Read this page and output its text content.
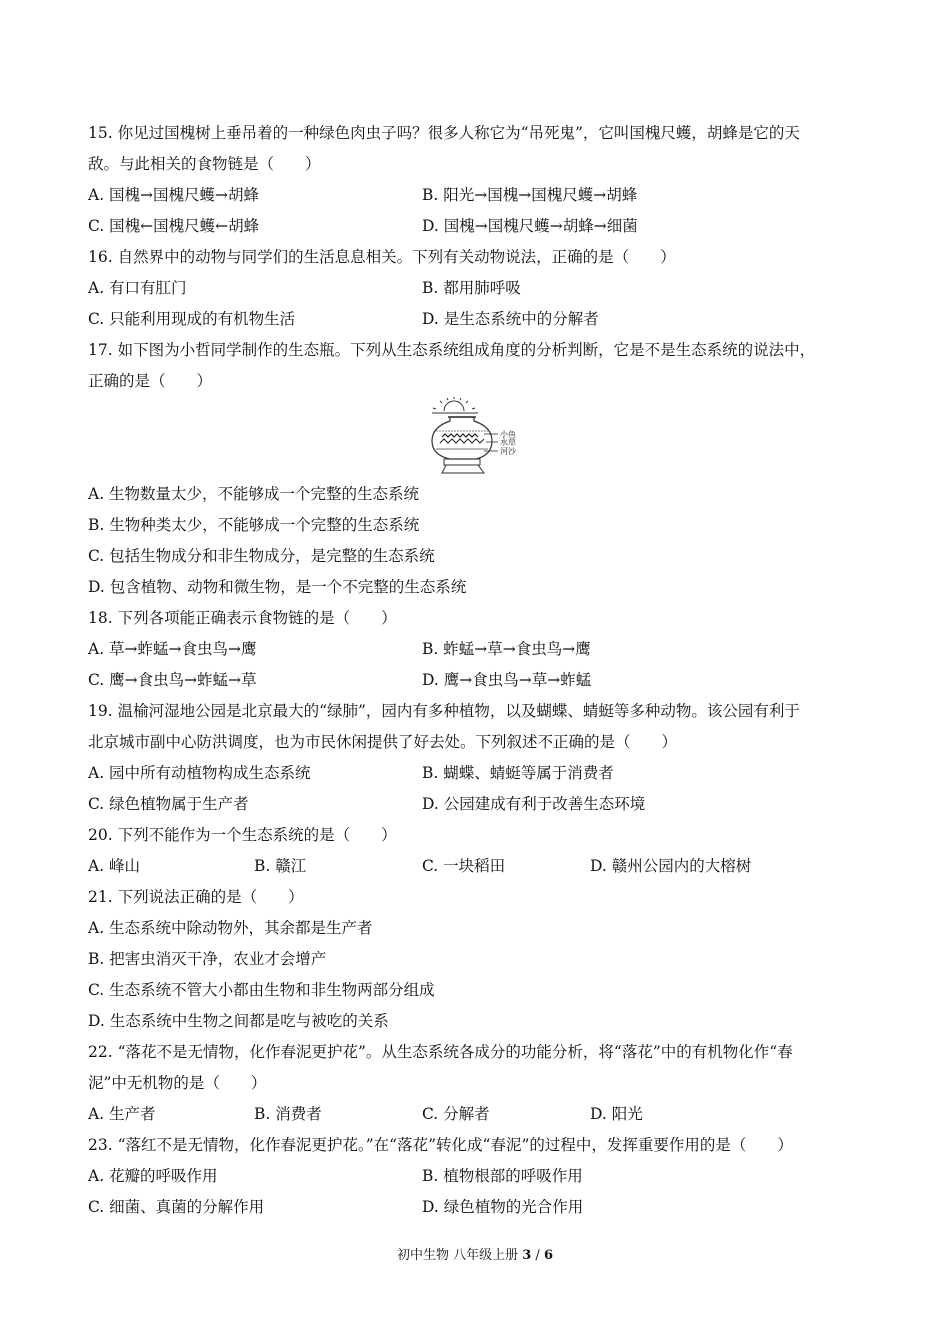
15. 你见过国槐树上垂吊着的一种绿色肉虫子吗？很多人称它为“吊死鬼”，它叫国槐尺蠖，胡蜂是它的天
敌。与此相关的食物链是（　　）
A. 国槐→国槐尺蠖→胡蜂	B. 阳光→国槐→国槐尺蠖→胡蜂
C. 国槐←国槐尺蠖←胡蜂	D. 国槐→国槐尺蠖→胡蜂→细菌
16. 自然界中的动物与同学们的生活息息相关。下列有关动物说法，正确的是（　　）
A. 有口有肛门	B. 都用肺呼吸
C. 只能利用现成的有机物生活	D. 是生态系统中的分解者
17. 如下图为小哲同学制作的生态瓶。下列从生态系统组成角度的分析判断，它是不是生态系统的说法中，
正确的是（　　）
小鱼
水草
河沙
A. 生物数量太少，不能够成一个完整的生态系统
B. 生物种类太少，不能够成一个完整的生态系统
C. 包括生物成分和非生物成分，是完整的生态系统
D. 包含植物、动物和微生物，是一个不完整的生态系统
18. 下列各项能正确表示食物链的是（　　）
A. 草→蚱蜢→食虫鸟→鹰	B. 蚱蜢→草→食虫鸟→鹰
C. 鹰→食虫鸟→蚱蜢→草	D. 鹰→食虫鸟→草→蚱蜢
19. 温榆河湿地公园是北京最大的“绿肺”，园内有多种植物，以及蝴蝶、蜻蜓等多种动物。该公园有利于
北京城市副中心防洪调度，也为市民休闲提供了好去处。下列叙述不正确的是（　　）
A. 园中所有动植物构成生态系统	B. 蝴蝶、蜻蜓等属于消费者
C. 绿色植物属于生产者	D. 公园建成有利于改善生态环境
20. 下列不能作为一个生态系统的是（　　）
A. 峰山	B. 赣江	C. 一块稻田	D. 赣州公园内的大榕树
21. 下列说法正确的是（　　）
A. 生态系统中除动物外，其余都是生产者
B. 把害虫消灭干净，农业才会增产
C. 生态系统不管大小都由生物和非生物两部分组成
D. 生态系统中生物之间都是吃与被吃的关系
22. “落花不是无情物，化作春泥更护花”。从生态系统各成分的功能分析，将“落花”中的有机物化作“春
泥”中无机物的是（　　）
A. 生产者	B. 消费者	C. 分解者	D. 阳光
23. “落红不是无情物，化作春泥更护花。”在“落花”转化成“春泥”的过程中，发挥重要作用的是（　　）
A. 花瓣的呼吸作用	B. 植物根部的呼吸作用
C. 细菌、真菌的分解作用	D. 绿色植物的光合作用
初中生物 八年级上册 3 / 6
